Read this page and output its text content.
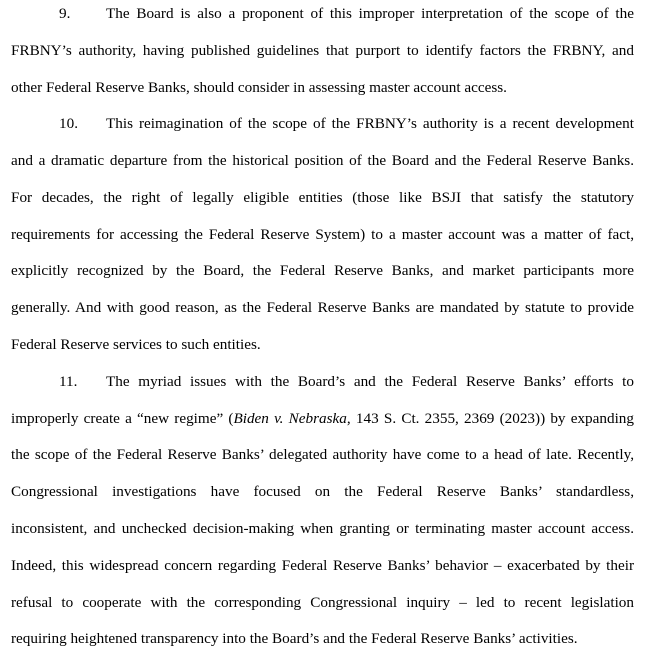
9. The Board is also a proponent of this improper interpretation of the scope of the
FRBNY’s authority, having published guidelines that purport to identify factors the FRBNY, and
other Federal Reserve Banks, should consider in assessing master account access.
10. This reimagination of the scope of the FRBNY’s authority is a recent development
and a dramatic departure from the historical position of the Board and the Federal Reserve Banks.
For decades, the right of legally eligible entities (those like BSJI that satisfy the statutory
requirements for accessing the Federal Reserve System) to a master account was a matter of fact,
explicitly recognized by the Board, the Federal Reserve Banks, and market participants more
generally. And with good reason, as the Federal Reserve Banks are mandated by statute to provide
Federal Reserve services to such entities.
11. The myriad issues with the Board’s and the Federal Reserve Banks’ efforts to
improperly create a “new regime” (Biden v. Nebraska, 143 S. Ct. 2355, 2369 (2023)) by expanding
the scope of the Federal Reserve Banks’ delegated authority have come to a head of late. Recently,
Congressional investigations have focused on the Federal Reserve Banks’ standardless,
inconsistent, and unchecked decision-making when granting or terminating master account access.
Indeed, this widespread concern regarding Federal Reserve Banks’ behavior – exacerbated by their
refusal to cooperate with the corresponding Congressional inquiry – led to recent legislation
requiring heightened transparency into the Board’s and the Federal Reserve Banks’ activities.
